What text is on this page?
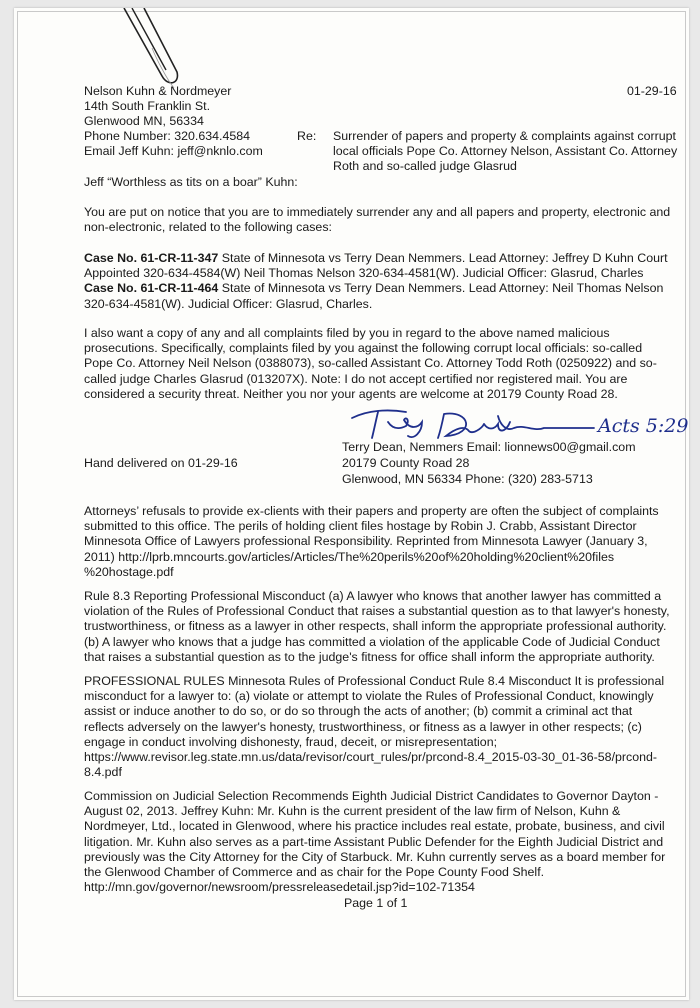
Nelson Kuhn & Nordmeyer
14th South Franklin St.
Glenwood MN, 56334
Phone Number: 320.634.4584
Email Jeff Kuhn: jeff@nknlo.com
01-29-16
Re: Surrender of papers and property & complaints against corrupt
local officials Pope Co. Attorney Nelson, Assistant Co. Attorney
Roth and so-called judge Glasrud
Jeff “Worthless as tits on a boar” Kuhn:
You are put on notice that you are to immediately surrender any and all papers and property, electronic and
non-electronic, related to the following cases:
Case No. 61-CR-11-347 State of Minnesota vs Terry Dean Nemmers. Lead Attorney: Jeffrey D Kuhn Court
Appointed 320-634-4584(W) Neil Thomas Nelson 320-634-4581(W). Judicial Officer: Glasrud, Charles
Case No. 61-CR-11-464 State of Minnesota vs Terry Dean Nemmers. Lead Attorney: Neil Thomas Nelson
320-634-4581(W). Judicial Officer: Glasrud, Charles.
I also want a copy of any and all complaints filed by you in regard to the above named malicious
prosecutions. Specifically, complaints filed by you against the following corrupt local officials: so-called
Pope Co. Attorney Neil Nelson (0388073), so-called Assistant Co. Attorney Todd Roth (0250922) and so-
called judge Charles Glasrud (013207X). Note: I do not accept certified nor registered mail. You are
considered a security threat. Neither you nor your agents are welcome at 20179 County Road 28.
Acts 5:29
Terry Dean, Nemmers Email: lionnews00@gmail.com
20179 County Road 28
Glenwood, MN 56334 Phone: (320) 283-5713
Hand delivered on 01-29-16
Attorneys’ refusals to provide ex-clients with their papers and property are often the subject of complaints
submitted to this office. The perils of holding client files hostage by Robin J. Crabb, Assistant Director
Minnesota Office of Lawyers professional Responsibility. Reprinted from Minnesota Lawyer (January 3,
2011) http://lprb.mncourts.gov/articles/Articles/The%20perils%20of%20holding%20client%20files
%20hostage.pdf
Rule 8.3 Reporting Professional Misconduct (a) A lawyer who knows that another lawyer has committed a
violation of the Rules of Professional Conduct that raises a substantial question as to that lawyer's honesty,
trustworthiness, or fitness as a lawyer in other respects, shall inform the appropriate professional authority.
(b) A lawyer who knows that a judge has committed a violation of the applicable Code of Judicial Conduct
that raises a substantial question as to the judge's fitness for office shall inform the appropriate authority.
PROFESSIONAL RULES Minnesota Rules of Professional Conduct Rule 8.4 Misconduct It is professional
misconduct for a lawyer to: (a) violate or attempt to violate the Rules of Professional Conduct, knowingly
assist or induce another to do so, or do so through the acts of another; (b) commit a criminal act that
reflects adversely on the lawyer's honesty, trustworthiness, or fitness as a lawyer in other respects; (c)
engage in conduct involving dishonesty, fraud, deceit, or misrepresentation;
https://www.revisor.leg.state.mn.us/data/revisor/court_rules/pr/prcond-8.4_2015-03-30_01-36-58/prcond-
8.4.pdf
Commission on Judicial Selection Recommends Eighth Judicial District Candidates to Governor Dayton -
August 02, 2013. Jeffrey Kuhn: Mr. Kuhn is the current president of the law firm of Nelson, Kuhn &
Nordmeyer, Ltd., located in Glenwood, where his practice includes real estate, probate, business, and civil
litigation. Mr. Kuhn also serves as a part-time Assistant Public Defender for the Eighth Judicial District and
previously was the City Attorney for the City of Starbuck. Mr. Kuhn currently serves as a board member for
the Glenwood Chamber of Commerce and as chair for the Pope County Food Shelf.
http://mn.gov/governor/newsroom/pressreleasedetail.jsp?id=102-71354
Page 1 of 1
